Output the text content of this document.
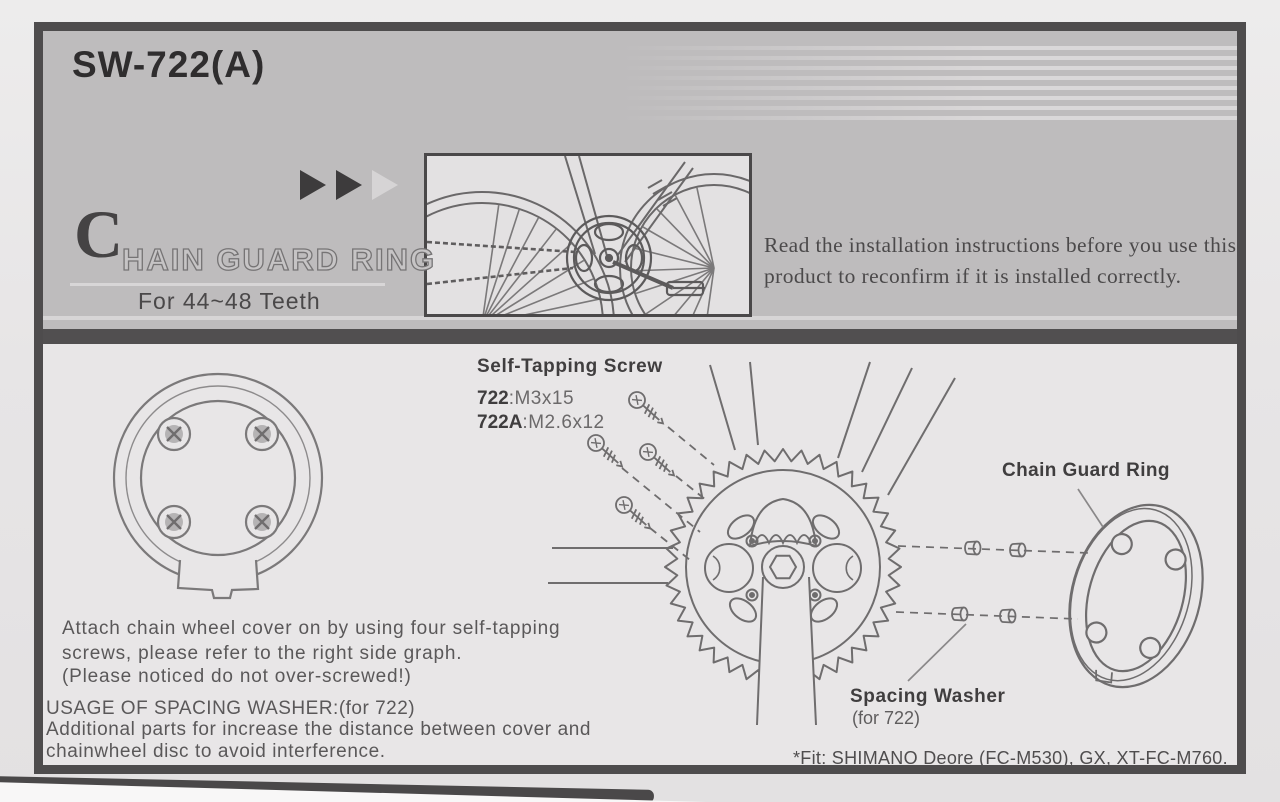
SW-722(A)
C
HAIN GUARD RING
For 44~48 Teeth
Read the installation instructions before you use this product to reconfirm if it is installed correctly.
Self-Tapping Screw
722:M3x15
722A:M2.6x12
Chain Guard Ring
Spacing Washer
(for 722)
Attach chain wheel cover on by using four self-tapping screws, please refer to the right side graph.
(Please noticed do not over-screwed!)
USAGE OF SPACING WASHER:(for 722)
Additional parts for increase the distance between cover and chainwheel disc to avoid interference.	*Fit: SHIMANO Deore (FC-M530), GX, XT-FC-M760.
